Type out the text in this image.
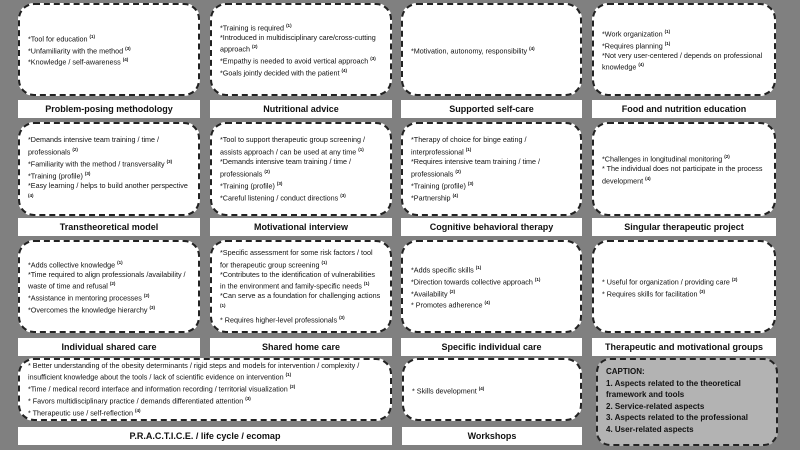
*Tool for education $^{(1)}$
*Unfamiliarity with the method $^{(3)}$
*Knowledge / self-awareness $^{(4)}$
Problem-posing methodology
*Training is required $^{(1)}$
*Introduced in multidisciplinary care/cross-cutting approach $^{(2)}$
*Empathy is needed to avoid vertical approach $^{(3)}$
*Goals jointly decided with the patient $^{(4)}$
Nutritional advice
*Motivation, autonomy, responsibility $^{(4)}$
Supported self-care
*Work organization $^{(1)}$
*Requires planning $^{(1)}$
*Not very user-centered / depends on professional knowledge $^{(4)}$
Food and nutrition education
*Demands intensive team training / time / professionals $^{(2)}$
*Familiarity with the method / transversality $^{(3)}$
*Training (profile) $^{(3)}$
*Easy learning / helps to build another perspective $^{(4)}$
Transtheoretical model
*Tool to support therapeutic group screening / assists approach / can be used at any time $^{(1)}$
*Demands intensive team training / time / professionals $^{(2)}$
*Training (profile) $^{(3)}$
*Careful listening / conduct directions $^{(3)}$
Motivational interview
*Therapy of choice for binge eating / interprofessional $^{(1)}$
*Requires intensive team training / time / professionals $^{(2)}$
*Training (profile) $^{(3)}$
*Partnership $^{(4)}$
Cognitive behavioral therapy
*Challenges in longitudinal monitoring $^{(2)}$
* The individual does not participate in the process development $^{(4)}$
Singular therapeutic project
*Adds collective knowledge $^{(1)}$
*Time required to align professionals /availability / waste of time and refusal $^{(2)}$
*Assistance in mentoring processes $^{(2)}$
*Overcomes the knowledge hierarchy $^{(3)}$
Individual shared care
*Specific assessment for some risk factors / tool for therapeutic group screening $^{(1)}$
*Contributes to the identification of vulnerabilities in the environment and family-specific needs $^{(1)}$
*Can serve as a foundation for challenging actions $^{(1)}$
* Requires higher-level professionals $^{(3)}$
Shared home care
*Adds specific skills $^{(1)}$
*Direction towards collective approach $^{(1)}$
*Availability $^{(2)}$
* Promotes adherence $^{(4)}$
Specific individual care
* Useful for organization / providing care $^{(2)}$
* Requires skills for facilitation $^{(3)}$
Therapeutic and motivational groups
* Better understanding of the obesity determinants / rigid steps and models for intervention / complexity / insufficient knowledge about the tools / lack of scientific evidence on intervention $^{(1)}$
*Time / medical record interface and information recording / territorial visualization $^{(2)}$
* Favors multidisciplinary practice / demands differentiated attention $^{(3)}$
* Therapeutic use / self-reflection $^{(4)}$
P.R.A.C.T.I.C.E. / life cycle / ecomap
* Skills development $^{(4)}$
Workshops
CAPTION:
1. Aspects related to the theoretical framework and tools
2. Service-related aspects
3. Aspects related to the professional
4. User-related aspects
